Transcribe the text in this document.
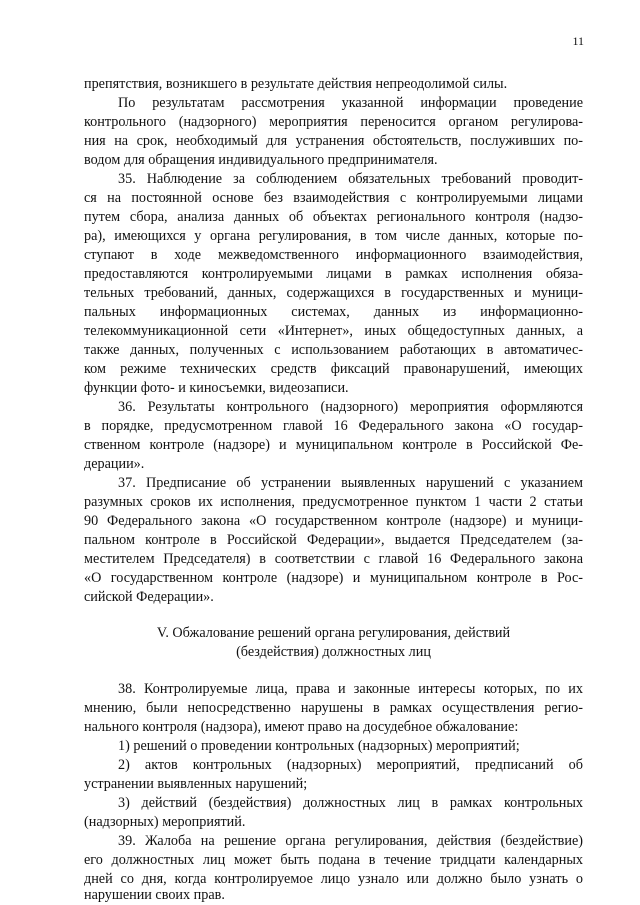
11
препятствия, возникшего в результате действия непреодолимой силы.
По результатам рассмотрения указанной информации проведение
контрольного (надзорного) мероприятия переносится органом регулирова-
ния на срок, необходимый для устранения обстоятельств, послуживших по-
водом для обращения индивидуального предпринимателя.
35. Наблюдение за соблюдением обязательных требований проводит-
ся на постоянной основе без взаимодействия с контролируемыми лицами
путем сбора, анализа данных об объектах регионального контроля (надзо-
ра), имеющихся у органа регулирования, в том числе данных, которые по-
ступают в ходе межведомственного информационного взаимодействия,
предоставляются контролируемыми лицами в рамках исполнения обяза-
тельных требований, данных, содержащихся в государственных и муници-
пальных информационных системах, данных из информационно-
телекоммуникационной сети «Интернет», иных общедоступных данных, а
также данных, полученных с использованием работающих в автоматичес-
ком режиме технических средств фиксаций правонарушений, имеющих
функции фото- и киносъемки, видеозаписи.
36. Результаты контрольного (надзорного) мероприятия оформляются
в порядке, предусмотренном главой 16 Федерального закона «О государ-
ственном контроле (надзоре) и муниципальном контроле в Российской Фе-
дерации».
37. Предписание об устранении выявленных нарушений с указанием
разумных сроков их исполнения, предусмотренное пунктом 1 части 2 статьи
90 Федерального закона «О государственном контроле (надзоре) и муници-
пальном контроле в Российской Федерации», выдается Председателем (за-
местителем Председателя) в соответствии с главой 16 Федерального закона
«О государственном контроле (надзоре) и муниципальном контроле в Рос-
сийской Федерации».
V. Обжалование решений органа регулирования, действий
(бездействия) должностных лиц
38. Контролируемые лица, права и законные интересы которых, по их
мнению, были непосредственно нарушены в рамках осуществления регио-
нального контроля (надзора), имеют право на досудебное обжалование:
1) решений о проведении контрольных (надзорных) мероприятий;
2) актов контрольных (надзорных) мероприятий, предписаний об
устранении выявленных нарушений;
3) действий (бездействия) должностных лиц в рамках контрольных
(надзорных) мероприятий.
39. Жалоба на решение органа регулирования, действия (бездействие)
его должностных лиц может быть подана в течение тридцати календарных
дней со дня, когда контролируемое лицо узнало или должно было узнать о
нарушении своих прав.
